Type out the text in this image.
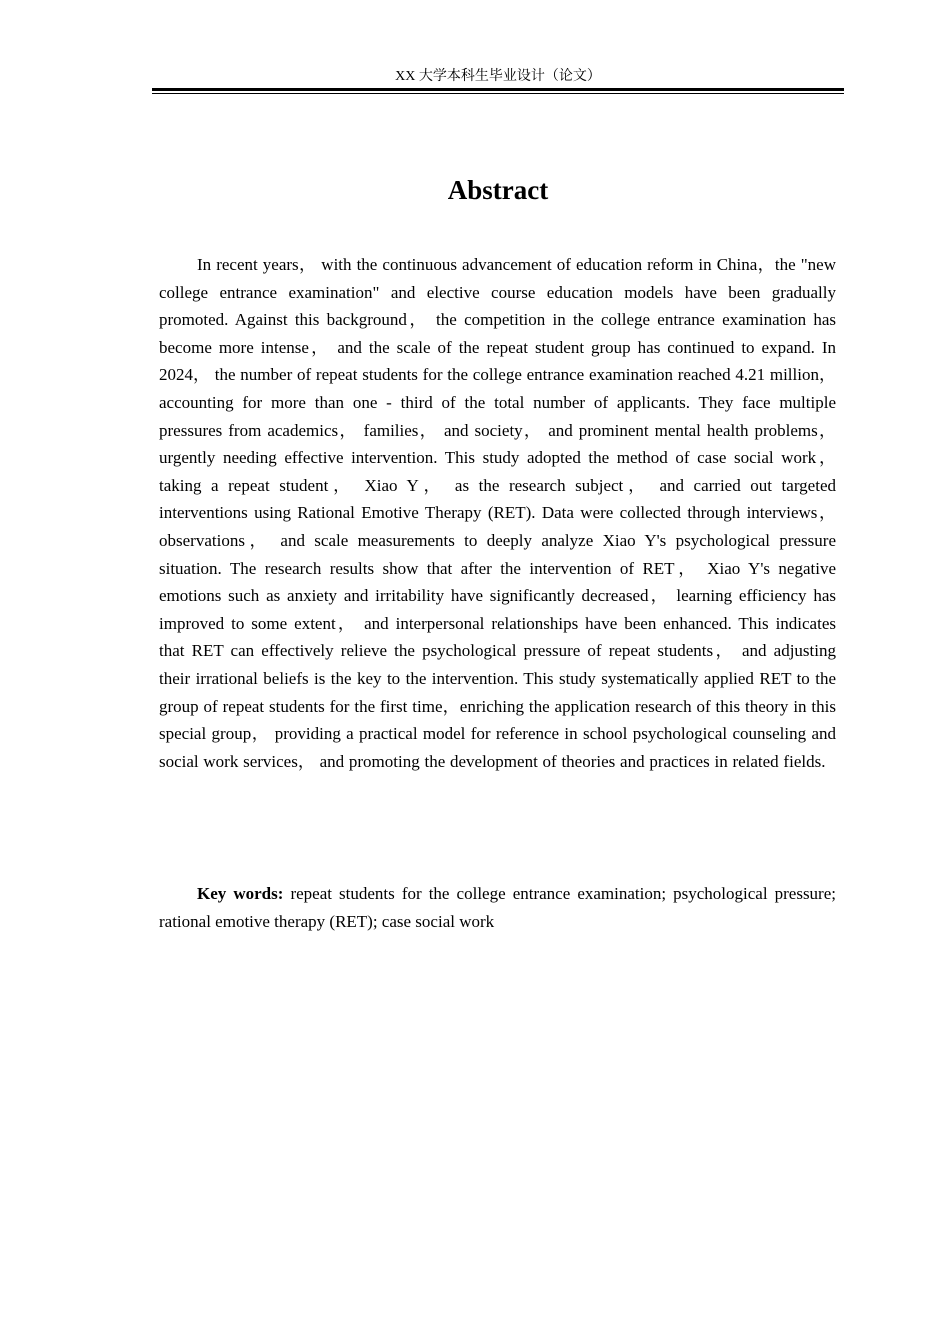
XX 大学本科生毕业设计（论文）
Abstract

In recent years， with the continuous advancement of education reform in China，the "new college entrance examination" and elective course education models have been gradually promoted. Against this background， the competition in the college entrance examination has become more intense， and the scale of the repeat student group has continued to expand. In 2024， the number of repeat students for the college entrance examination reached 4.21 million， accounting for more than one - third of the total number of applicants. They face multiple pressures from academics， families， and society， and prominent mental health problems， urgently needing effective intervention. This study adopted the method of case social work， taking a repeat student， Xiao Y， as the research subject， and carried out targeted interventions using Rational Emotive Therapy (RET). Data were collected through interviews， observations， and scale measurements to deeply analyze Xiao Y's psychological pressure situation. The research results show that after the intervention of RET， Xiao Y's negative emotions such as anxiety and irritability have significantly decreased， learning efficiency has improved to some extent， and interpersonal relationships have been enhanced. This indicates that RET can effectively relieve the psychological pressure of repeat students， and adjusting their irrational beliefs is the key to the intervention. This study systematically applied RET to the group of repeat students for the first time，enriching the application research of this theory in this special group， providing a practical model for reference in school psychological counseling and social work services， and promoting the development of theories and practices in related fields.

Key words: repeat students for the college entrance examination; psychological pressure; rational emotive therapy (RET); case social work
